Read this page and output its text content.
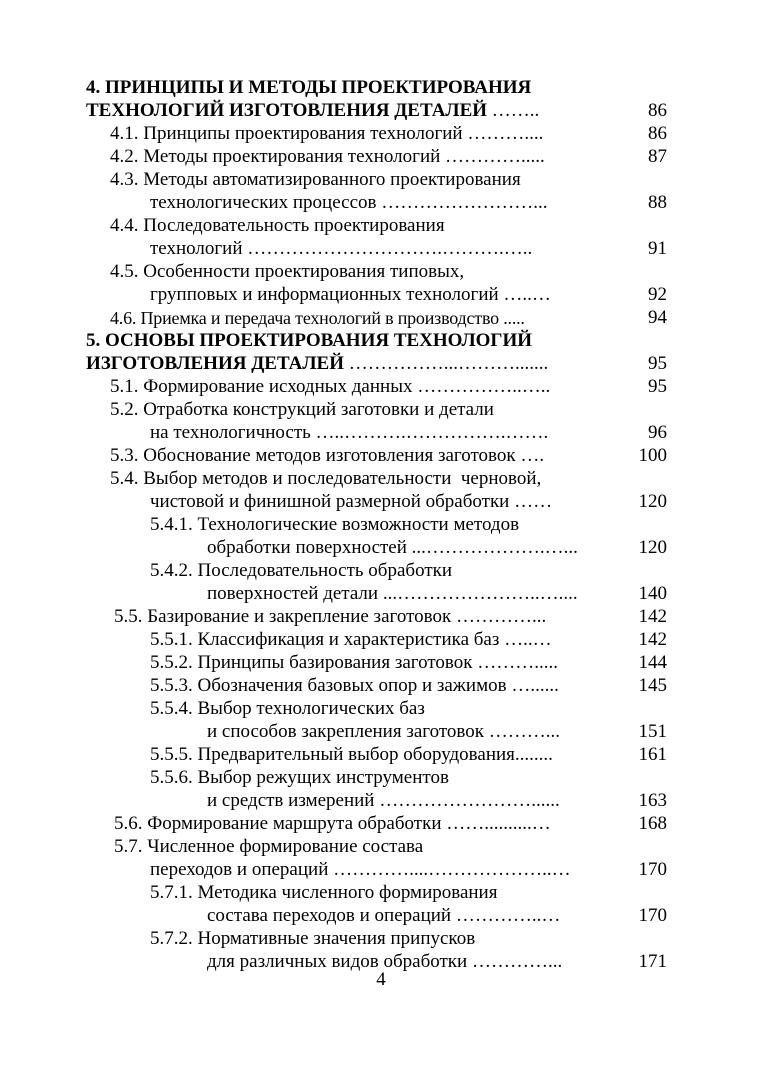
4. ПРИНЦИПЫ И МЕТОДЫ ПРОЕКТИРОВАНИЯ

ТЕХНОЛОГИЙ ИЗГОТОВЛЕНИЯ ДЕТАЛЕЙ ……..

	86

4.1. Принципы проектирования технологий ………....

	86

4.2. Методы проектирования технологий ………….....

	87

4.3. Методы автоматизированного проектирования

технологических процессов ……………………...

	88

4.4. Последовательность проектирования

технологий ………………………….……….…..

	91

4.5. Особенности проектирования типовых,

групповых и информационных технологий …..…

	92

4.6. Приемка и передача технологий в производство .....

	94

5. ОСНОВЫ ПРОЕКТИРОВАНИЯ ТЕХНОЛОГИЙ

ИЗГОТОВЛЕНИЯ ДЕТАЛЕЙ ……………...……….......

	95

5.1. Формирование исходных данных ……………..…..

	95

5.2. Отработка конструкций заготовки и детали

на технологичность …..……….…………….…….

	96

5.3. Обоснование методов изготовления заготовок ….

	100

5.4. Выбор методов и последовательности  черновой,

чистовой и финишной размерной обработки ……

	120

5.4.1. Технологические возможности методов

обработки поверхностей ...……………….…...

	120

5.4.2. Последовательность обработки

поверхностей детали ...…………………..…....

	140

5.5. Базирование и закрепление заготовок …………...

	142

5.5.1. Классификация и характеристика баз …..…

	142

5.5.2. Принципы базирования заготовок ……….....

	144

5.5.3. Обозначения базовых опор и зажимов …......

	145

5.5.4. Выбор технологических баз

и способов закрепления заготовок ………...

	151

5.5.5. Предварительный выбор оборудования........

	161

5.5.6. Выбор режущих инструментов

и средств измерений ……………………......

	163

5.6. Формирование маршрута обработки ……..........…

	168

5.7. Численное формирование состава

переходов и операций …………....………………..…

	170

5.7.1. Методика численного формирования

состава переходов и операций …………..…

	170

5.7.2. Нормативные значения припусков

для различных видов обработки …………...

	171

4
